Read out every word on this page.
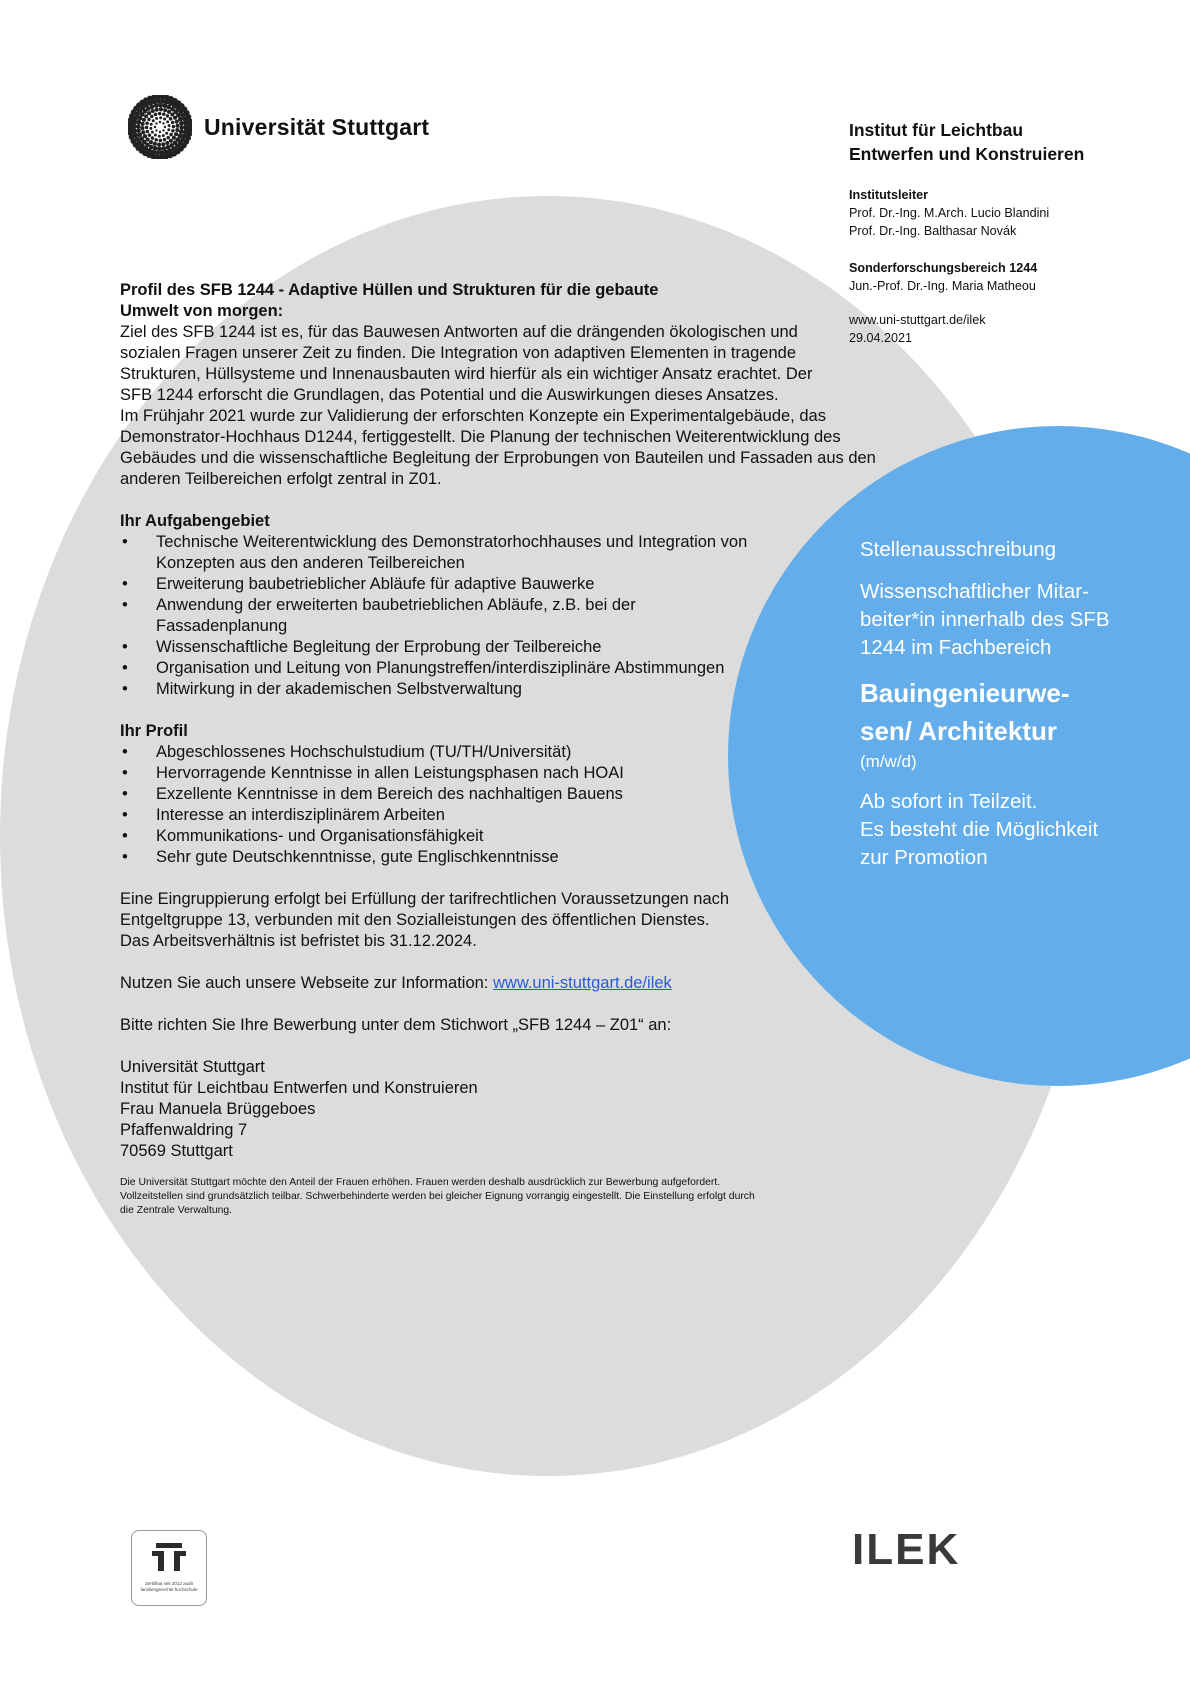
Universität Stuttgart	Institut für Leichtbau
Entwerfen und Konstruieren
Institutsleiter
Prof. Dr.-Ing. M.Arch. Lucio Blandini
Prof. Dr.-Ing. Balthasar Novák
Sonderforschungsbereich 1244
Jun.-Prof. Dr.-Ing. Maria Matheou
www.uni-stuttgart.de/ilek
29.04.2021
Profil des SFB 1244 - Adaptive Hüllen und Strukturen für die gebaute
Umwelt von morgen:

Ziel des SFB 1244 ist es, für das Bauwesen Antworten auf die drängenden ökologischen und sozialen Fragen unserer Zeit zu finden. Die Integration von adaptiven Elementen in tragende Strukturen, Hüllsysteme und Innenausbauten wird hierfür als ein wichtiger Ansatz erachtet. Der SFB 1244 erforscht die Grundlagen, das Potential und die Auswirkungen dieses Ansatzes.

Im Frühjahr 2021 wurde zur Validierung der erforschten Konzepte ein Experimentalgebäude, das Demonstrator-Hochhaus D1244, fertiggestellt. Die Planung der technischen Weiterentwicklung des Gebäudes und die wissenschaftliche Begleitung der Erprobungen von Bauteilen und Fassaden aus den anderen Teilbereichen erfolgt zentral in Z01.

Ihr Aufgabengebiet
• Technische Weiterentwicklung des Demonstratorhochhauses und Integration von Konzepten aus den anderen Teilbereichen
• Erweiterung baubetrieblicher Abläufe für adaptive Bauwerke
• Anwendung der erweiterten baubetrieblichen Abläufe, z.B. bei der Fassadenplanung
• Wissenschaftliche Begleitung der Erprobung der Teilbereiche
• Organisation und Leitung von Planungstreffen/interdisziplinäre Abstimmungen
• Mitwirkung in der akademischen Selbstverwaltung
Ihr Profil
• Abgeschlossenes Hochschulstudium (TU/TH/Universität)
• Hervorragende Kenntnisse in allen Leistungsphasen nach HOAI
• Exzellente Kenntnisse in dem Bereich des nachhaltigen Bauens
• Interesse an interdisziplinärem Arbeiten
• Kommunikations- und Organisationsfähigkeit
• Sehr gute Deutschkenntnisse, gute Englischkenntnisse
Eine Eingruppierung erfolgt bei Erfüllung der tarifrechtlichen Voraussetzungen nach
Entgeltgruppe 13, verbunden mit den Sozialleistungen des öffentlichen Dienstes.
Das Arbeitsverhältnis ist befristet bis 31.12.2024.
Nutzen Sie auch unsere Webseite zur Information: www.uni-stuttgart.de/ilek
Bitte richten Sie Ihre Bewerbung unter dem Stichwort „SFB 1244 – Z01“ an:
Universität Stuttgart
Institut für Leichtbau Entwerfen und Konstruieren
Frau Manuela Brüggeboes
Pfaffenwaldring 7
70569 Stuttgart
Die Universität Stuttgart möchte den Anteil der Frauen erhöhen. Frauen werden deshalb ausdrücklich zur Bewerbung aufgefordert. Vollzeitstellen sind grundsätzlich teilbar. Schwerbehinderte werden bei gleicher Eignung vorrangig eingestellt. Die Einstellung erfolgt durch die Zentrale Verwaltung.
Stellenausschreibung
Wissenschaftlicher Mitar-
beiter*in innerhalb des SFB
1244 im Fachbereich
Bauingenieurwe-
sen/ Architektur
(m/w/d)
Ab sofort in Teilzeit.
Es besteht die Möglichkeit
zur Promotion
Zertifikat seit 2012 audit familiengerechte hochschule
ILEK
